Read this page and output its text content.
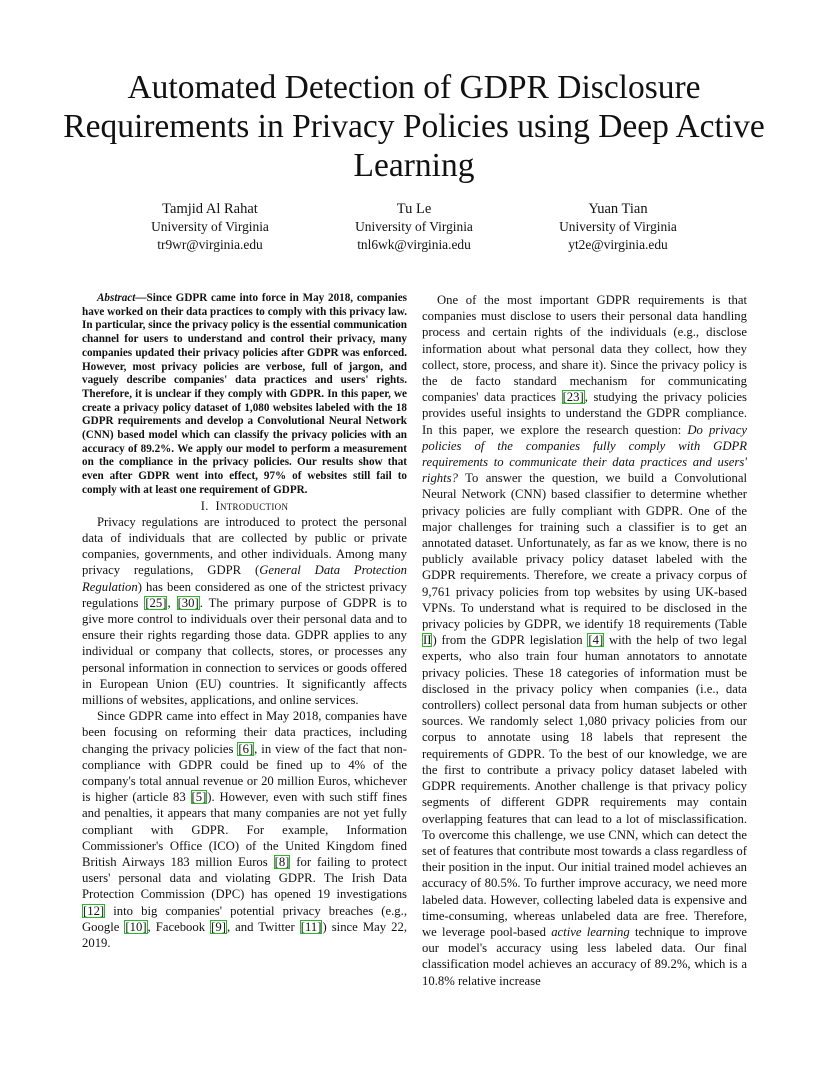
Automated Detection of GDPR Disclosure Requirements in Privacy Policies using Deep Active Learning
Tamjid Al Rahat
University of Virginia
tr9wr@virginia.edu
Tu Le
University of Virginia
tnl6wk@virginia.edu
Yuan Tian
University of Virginia
yt2e@virginia.edu

Abstract—Since GDPR came into force in May 2018, companies have worked on their data practices to comply with this privacy law. In particular, since the privacy policy is the essential communication channel for users to understand and control their privacy, many companies updated their privacy policies after GDPR was enforced. However, most privacy policies are verbose, full of jargon, and vaguely describe companies' data practices and users' rights. Therefore, it is unclear if they comply with GDPR. In this paper, we create a privacy policy dataset of 1,080 websites labeled with the 18 GDPR requirements and develop a Convolutional Neural Network (CNN) based model which can classify the privacy policies with an accuracy of 89.2%. We apply our model to perform a measurement on the compliance in the privacy policies. Our results show that even after GDPR went into effect, 97% of websites still fail to comply with at least one requirement of GDPR.

I. Introduction

Privacy regulations are introduced to protect the personal data of individuals that are collected by public or private companies, governments, and other individuals. Among many privacy regulations, GDPR (General Data Protection Regulation) has been considered as one of the strictest privacy regulations [25], [30]. The primary purpose of GDPR is to give more control to individuals over their personal data and to ensure their rights regarding those data. GDPR applies to any individual or company that collects, stores, or processes any personal information in connection to services or goods offered in European Union (EU) countries. It significantly affects millions of websites, applications, and online services.

Since GDPR came into effect in May 2018, companies have been focusing on reforming their data practices, including changing the privacy policies [6], in view of the fact that non-compliance with GDPR could be fined up to 4% of the company's total annual revenue or 20 million Euros, whichever is higher (article 83 [5]). However, even with such stiff fines and penalties, it appears that many companies are not yet fully compliant with GDPR. For example, Information Commissioner's Office (ICO) of the United Kingdom fined British Airways 183 million Euros [8] for failing to protect users' personal data and violating GDPR. The Irish Data Protection Commission (DPC) has opened 19 investigations [12] into big companies' potential privacy breaches (e.g., Google [10], Facebook [9], and Twitter [11]) since May 22, 2019.

One of the most important GDPR requirements is that companies must disclose to users their personal data handling process and certain rights of the individuals (e.g., disclose information about what personal data they collect, how they collect, store, process, and share it). Since the privacy policy is the de facto standard mechanism for communicating companies' data practices [23], studying the privacy policies provides useful insights to understand the GDPR compliance. In this paper, we explore the research question: Do privacy policies of the companies fully comply with GDPR requirements to communicate their data practices and users' rights? To answer the question, we build a Convolutional Neural Network (CNN) based classifier to determine whether privacy policies are fully compliant with GDPR. One of the major challenges for training such a classifier is to get an annotated dataset. Unfortunately, as far as we know, there is no publicly available privacy policy dataset labeled with the GDPR requirements. Therefore, we create a privacy corpus of 9,761 privacy policies from top websites by using UK-based VPNs. To understand what is required to be disclosed in the privacy policies by GDPR, we identify 18 requirements (Table II) from the GDPR legislation [4] with the help of two legal experts, who also train four human annotators to annotate privacy policies. These 18 categories of information must be disclosed in the privacy policy when companies (i.e., data controllers) collect personal data from human subjects or other sources. We randomly select 1,080 privacy policies from our corpus to annotate using 18 labels that represent the requirements of GDPR. To the best of our knowledge, we are the first to contribute a privacy policy dataset labeled with GDPR requirements. Another challenge is that privacy policy segments of different GDPR requirements may contain overlapping features that can lead to a lot of misclassification. To overcome this challenge, we use CNN, which can detect the set of features that contribute most towards a class regardless of their position in the input. Our initial trained model achieves an accuracy of 80.5%. To further improve accuracy, we need more labeled data. However, collecting labeled data is expensive and time-consuming, whereas unlabeled data are free. Therefore, we leverage pool-based active learning technique to improve our model's accuracy using less labeled data. Our final classification model achieves an accuracy of 89.2%, which is a 10.8% relative increase
